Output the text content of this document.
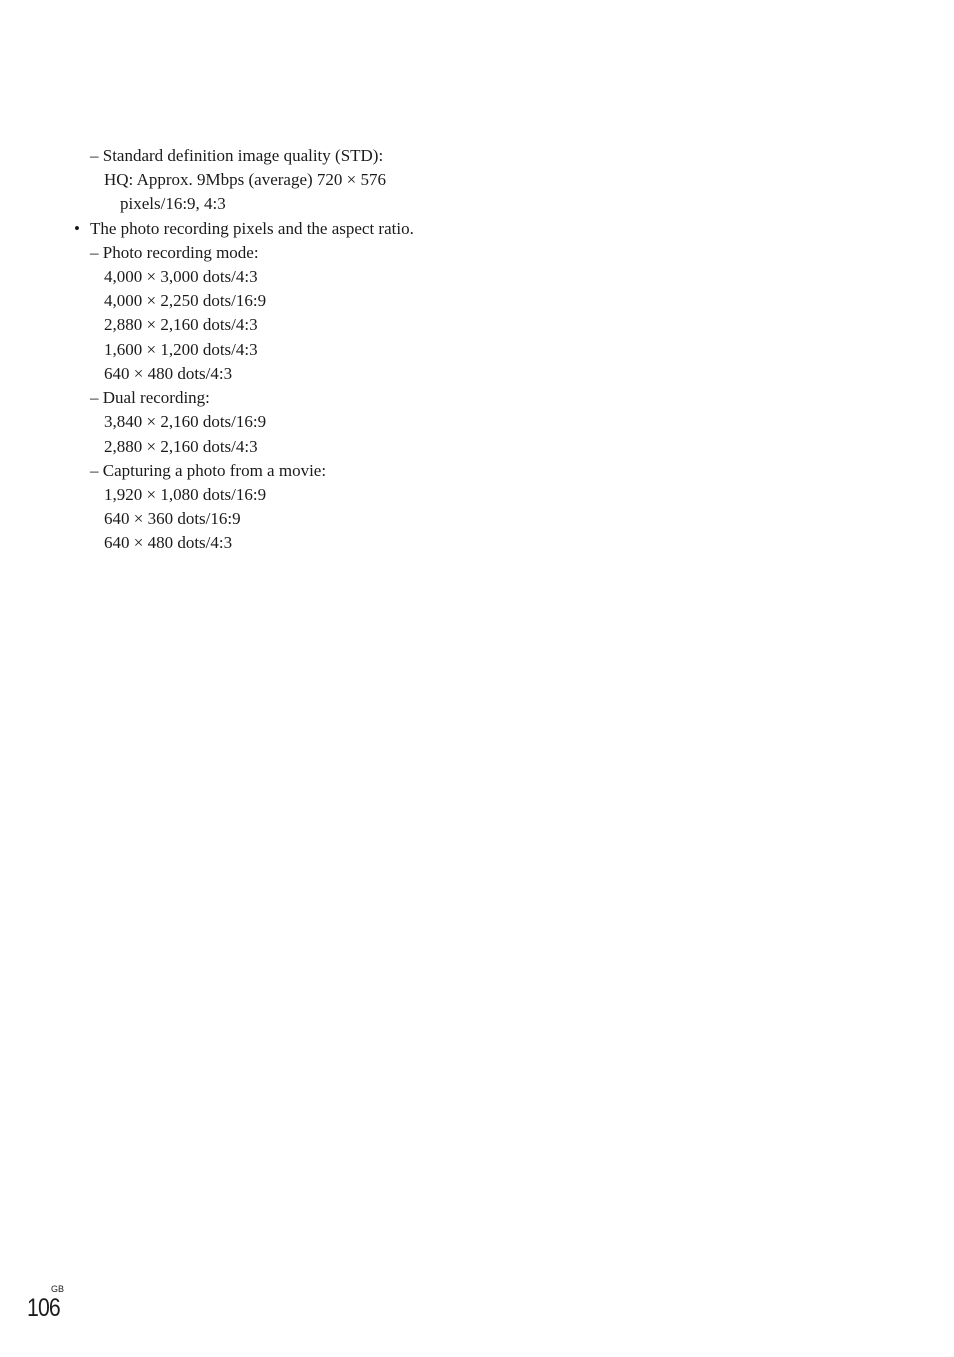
– Standard definition image quality (STD):
HQ: Approx. 9Mbps (average) 720 × 576
pixels/16:9, 4:3
• The photo recording pixels and the aspect ratio.
– Photo recording mode:
4,000 × 3,000 dots/4:3
4,000 × 2,250 dots/16:9
2,880 × 2,160 dots/4:3
1,600 × 1,200 dots/4:3
640 × 480 dots/4:3
– Dual recording:
3,840 × 2,160 dots/16:9
2,880 × 2,160 dots/4:3
– Capturing a photo from a movie:
1,920 × 1,080 dots/16:9
640 × 360 dots/16:9
640 × 480 dots/4:3
GB
106
